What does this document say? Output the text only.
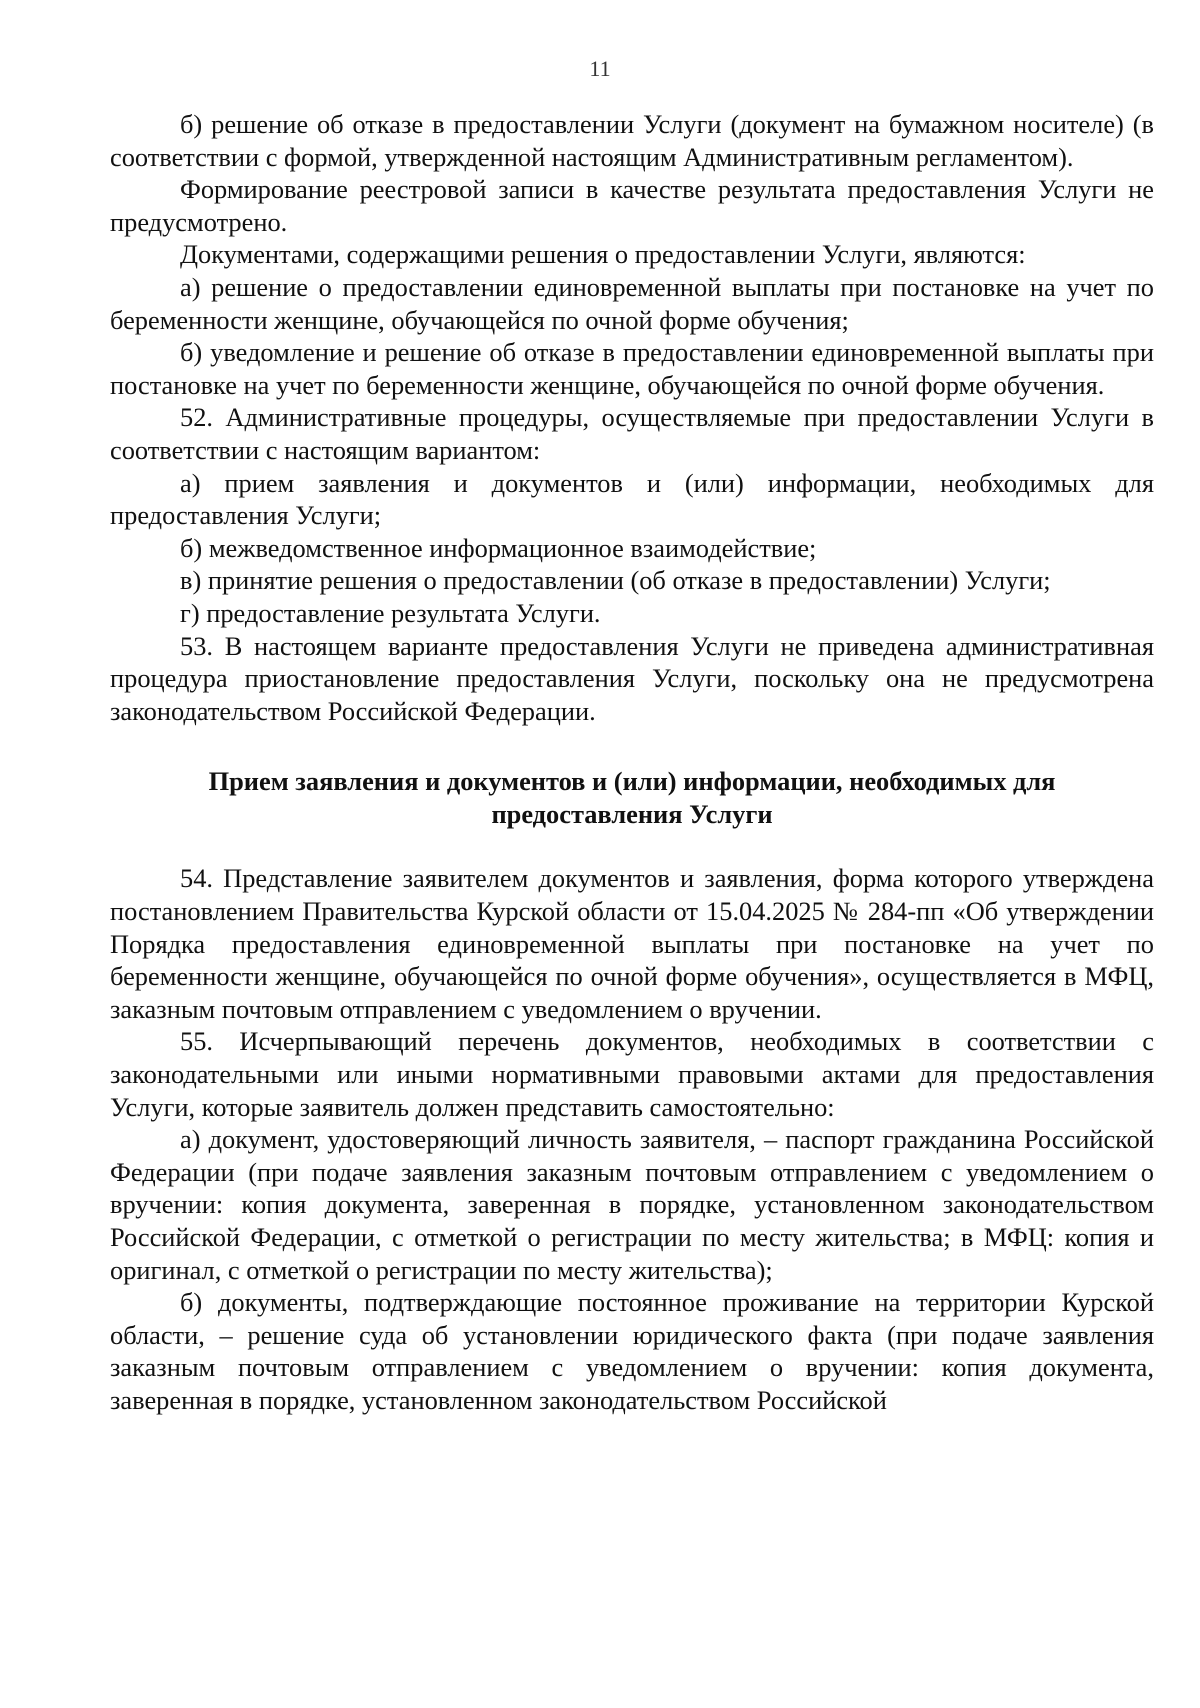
11

б) решение об отказе в предоставлении Услуги (документ на бумажном носителе) (в соответствии с формой, утвержденной настоящим Административным регламентом).

Формирование реестровой записи в качестве результата предоставления Услуги не предусмотрено.

Документами, содержащими решения о предоставлении Услуги, являются:

а) решение о предоставлении единовременной выплаты при постановке на учет по беременности женщине, обучающейся по очной форме обучения;

б) уведомление и решение об отказе в предоставлении единовременной выплаты при постановке на учет по беременности женщине, обучающейся по очной форме обучения.

52. Административные процедуры, осуществляемые при предоставлении Услуги в соответствии с настоящим вариантом:

а) прием заявления и документов и (или) информации, необходимых для предоставления Услуги;

б) межведомственное информационное взаимодействие;

в) принятие решения о предоставлении (об отказе в предоставлении) Услуги;

г) предоставление результата Услуги.

53. В настоящем варианте предоставления Услуги не приведена административная процедура приостановление предоставления Услуги, поскольку она не предусмотрена законодательством Российской Федерации.

Прием заявления и документов и (или) информации, необходимых для предоставления Услуги

54. Представление заявителем документов и заявления, форма которого утверждена постановлением Правительства Курской области от 15.04.2025 № 284-пп «Об утверждении Порядка предоставления единовременной выплаты при постановке на учет по беременности женщине, обучающейся по очной форме обучения», осуществляется в МФЦ, заказным почтовым отправлением с уведомлением о вручении.

55. Исчерпывающий перечень документов, необходимых в соответствии с законодательными или иными нормативными правовыми актами для предоставления Услуги, которые заявитель должен представить самостоятельно:

а) документ, удостоверяющий личность заявителя, – паспорт гражданина Российской Федерации (при подаче заявления заказным почтовым отправлением с уведомлением о вручении: копия документа, заверенная в порядке, установленном законодательством Российской Федерации, с отметкой о регистрации по месту жительства; в МФЦ: копия и оригинал, с отметкой о регистрации по месту жительства);

б) документы, подтверждающие постоянное проживание на территории Курской области, – решение суда об установлении юридического факта (при подаче заявления заказным почтовым отправлением с уведомлением о вручении: копия документа, заверенная в порядке, установленном законодательством Российской
